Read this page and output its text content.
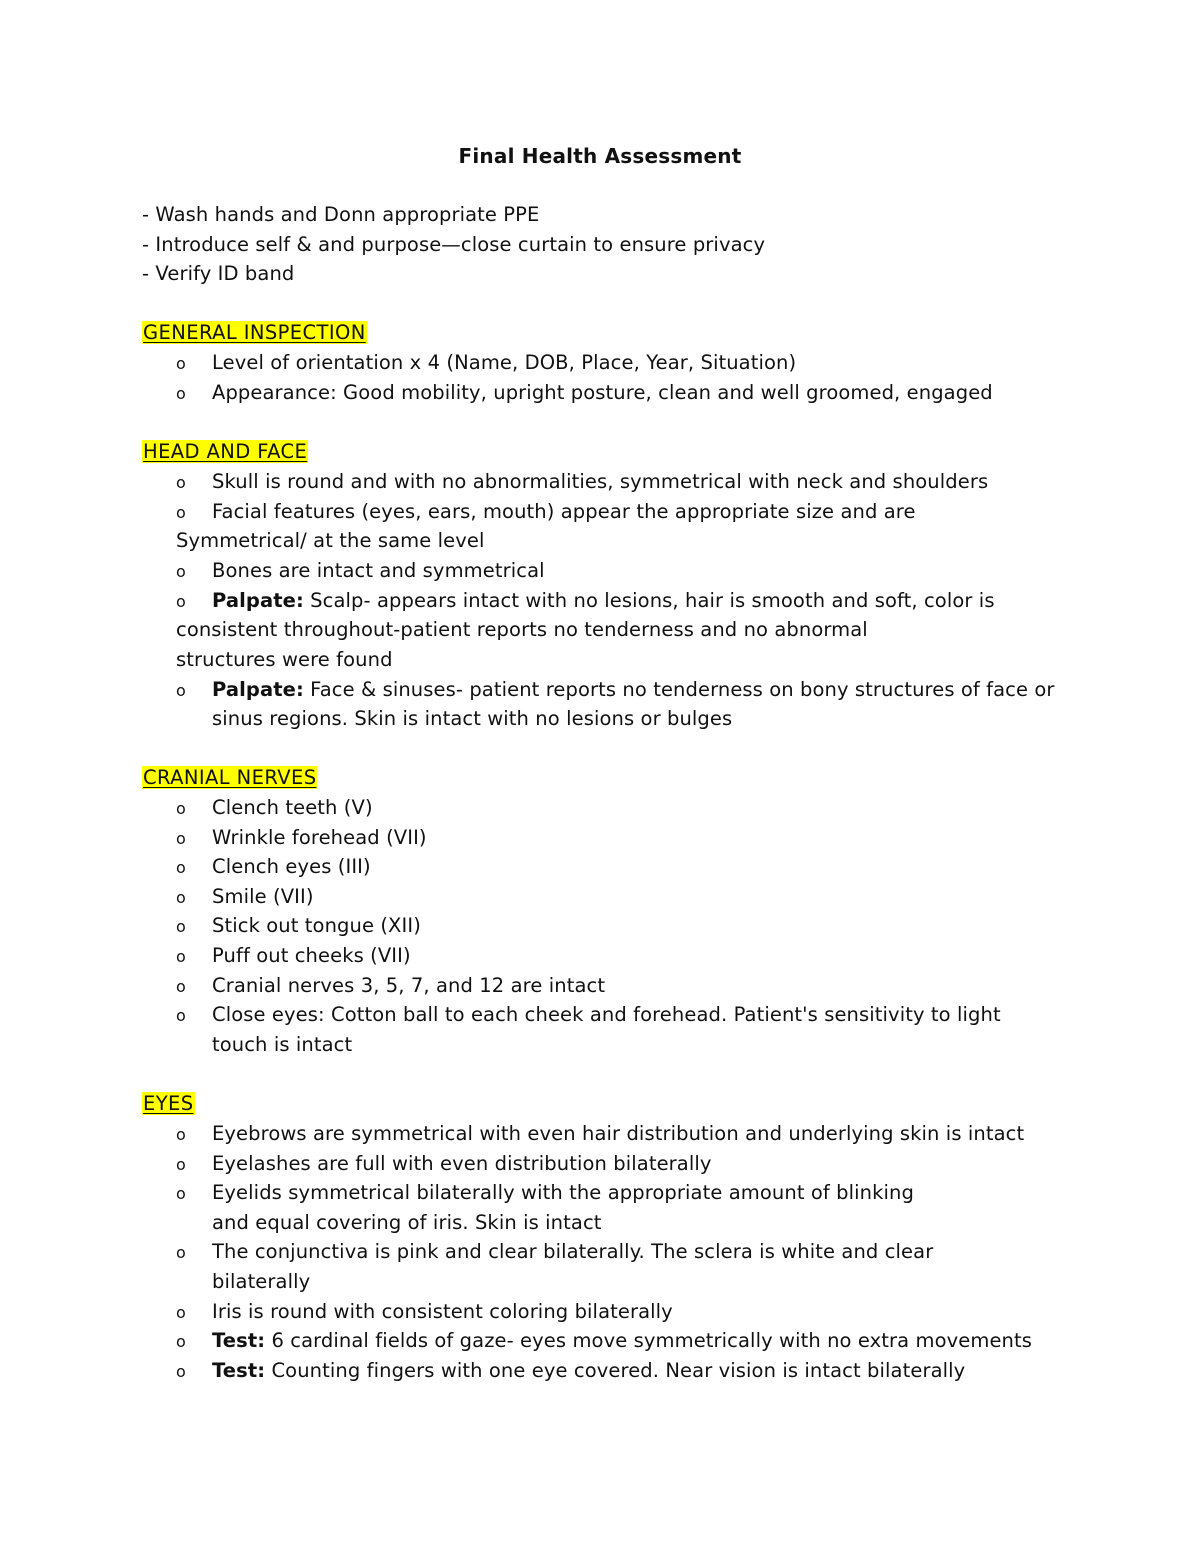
Final Health Assessment
- Wash hands and Donn appropriate PPE
- Introduce self & and purpose—close curtain to ensure privacy
- Verify ID band
GENERAL INSPECTION
o Level of orientation x 4 (Name, DOB, Place, Year, Situation)
o Appearance: Good mobility, upright posture, clean and well groomed, engaged
HEAD AND FACE
o Skull is round and with no abnormalities, symmetrical with neck and shoulders
o Facial features (eyes, ears, mouth) appear the appropriate size and are
Symmetrical/ at the same level
o Bones are intact and symmetrical
o Palpate: Scalp- appears intact with no lesions, hair is smooth and soft, color is
consistent throughout-patient reports no tenderness and no abnormal
structures were found
o Palpate: Face & sinuses- patient reports no tenderness on bony structures of face or
sinus regions. Skin is intact with no lesions or bulges
CRANIAL NERVES
o Clench teeth (V)
o Wrinkle forehead (VII)
o Clench eyes (III)
o Smile (VII)
o Stick out tongue (XII)
o Puff out cheeks (VII)
o Cranial nerves 3, 5, 7, and 12 are intact
o Close eyes: Cotton ball to each cheek and forehead. Patient's sensitivity to light
touch is intact
EYES
o Eyebrows are symmetrical with even hair distribution and underlying skin is intact
o Eyelashes are full with even distribution bilaterally
o Eyelids symmetrical bilaterally with the appropriate amount of blinking
and equal covering of iris. Skin is intact
o The conjunctiva is pink and clear bilaterally. The sclera is white and clear
bilaterally
o Iris is round with consistent coloring bilaterally
o Test: 6 cardinal fields of gaze- eyes move symmetrically with no extra movements
o Test: Counting fingers with one eye covered. Near vision is intact bilaterally
